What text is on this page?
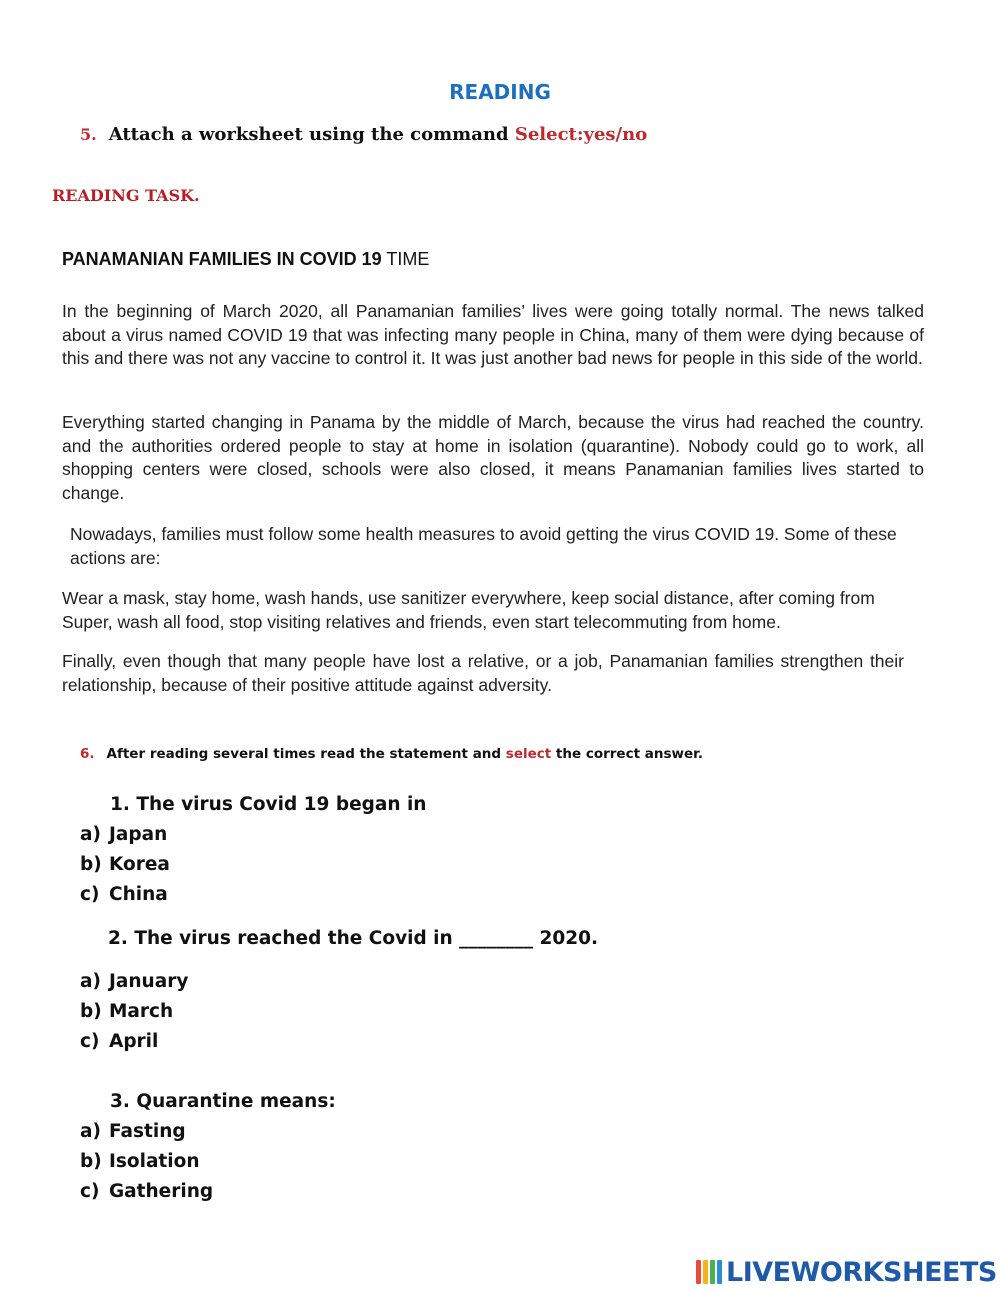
READING
5. Attach a worksheet using the command Select:yes/no
READING TASK.
PANAMANIAN FAMILIES IN COVID 19 TIME
In the beginning of March 2020, all Panamanian families’ lives were going totally normal. The news talked about a virus named COVID 19 that was infecting many people in China, many of them were dying because of this and there was not any vaccine to control it. It was just another bad news for people in this side of the world.
Everything started changing in Panama by the middle of March, because the virus had reached the country. and the authorities ordered people to stay at home in isolation (quarantine). Nobody could go to work, all shopping centers were closed, schools were also closed, it means Panamanian families lives started to change.
Nowadays, families must follow some health measures to avoid getting the virus COVID 19. Some of these actions are:
Wear a mask, stay home, wash hands, use sanitizer everywhere, keep social distance, after coming from Super, wash all food, stop visiting relatives and friends, even start telecommuting from home.
Finally, even though that many people have lost a relative, or a job, Panamanian families strengthen their relationship, because of their positive attitude against adversity.
6. After reading several times read the statement and select the correct answer.
1. The virus Covid 19 began in
a) Japan
b) Korea
c) China
2. The virus reached the Covid in ________ 2020.
a) January
b) March
c) April
3. Quarantine means:
a) Fasting
b) Isolation
c) Gathering
LIVEWORKSHEETS
